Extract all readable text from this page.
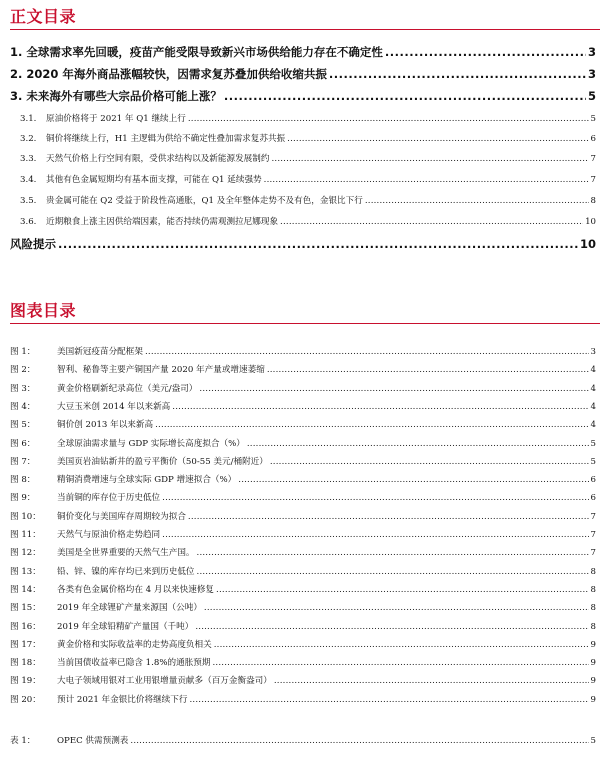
正文目录
1. 全球需求率先回暖，疫苗产能受限导致新兴市场供给能力存在不确定性 .....	3
2. 2020 年海外商品涨幅较快，因需求复苏叠加供给收缩共振 .....	3
3. 未来海外有哪些大宗品价格可能上涨？ .....	5
3.1. 原油价格将于 2021 年 Q1 继续上行 .....	5
3.2. 铜价将继续上行，H1 主逻辑为供给不确定性叠加需求复苏共振 .....	6
3.3. 天然气价格上行空间有限，受供求结构以及新能源发展制约 .....	7
3.4. 其他有色金属短期均有基本面支撑，可能在 Q1 延续强势 .....	7
3.5. 贵金属可能在 Q2 受益于阶段性高通胀，Q1 及全年整体走势不及有色，金银比下行 .....	8
3.6. 近期粮食上涨主因供给端因素，能否持续仍需观测拉尼娜现象 .....	10
风险提示 .....	10
图表目录
图 1：	美国新冠疫苗分配框架 .....	3
图 2：	智利、秘鲁等主要产铜国产量 2020 年产量或增速萎缩 .....	4
图 3：	黄金价格刷新纪录高位（美元/盎司） .....	4
图 4：	大豆玉米创 2014 年以来新高 .....	4
图 5：	铜价创 2013 年以来新高 .....	4
图 6：	全球原油需求量与 GDP 实际增长高度拟合（%） .....	5
图 7：	美国页岩油钻新井的盈亏平衡价（50-55 美元/桶附近） .....	5
图 8：	精铜消费增速与全球实际 GDP 增速拟合（%） .....	6
图 9：	当前铜的库存位于历史低位 .....	6
图 10： 铜价变化与美国库存周期较为拟合 .....	7
图 11： 天然气与原油价格走势趋同 .....	7
图 12： 美国是全世界重要的天然气生产国。 .....	7
图 13： 铅、锌、镍的库存均已来到历史低位 .....	8
图 14： 各类有色金属价格均在 4 月以来快速修复 .....	8
图 15： 2019 年全球锂矿产量来源国（公吨） .....	8
图 16： 2019 年全球铅精矿产量国（千吨） .....	8
图 17： 黄金价格和实际收益率的走势高度负相关 .....	9
图 18： 当前国债收益率已隐含 1.8%的通胀预期 .....	9
图 19： 大电子领域用银对工业用银增量贡献多（百万金衡盎司） .....	9
图 20： 预计 2021 年金银比价将继续下行 .....	9
表 1：	OPEC 供需预测表 .....	5
